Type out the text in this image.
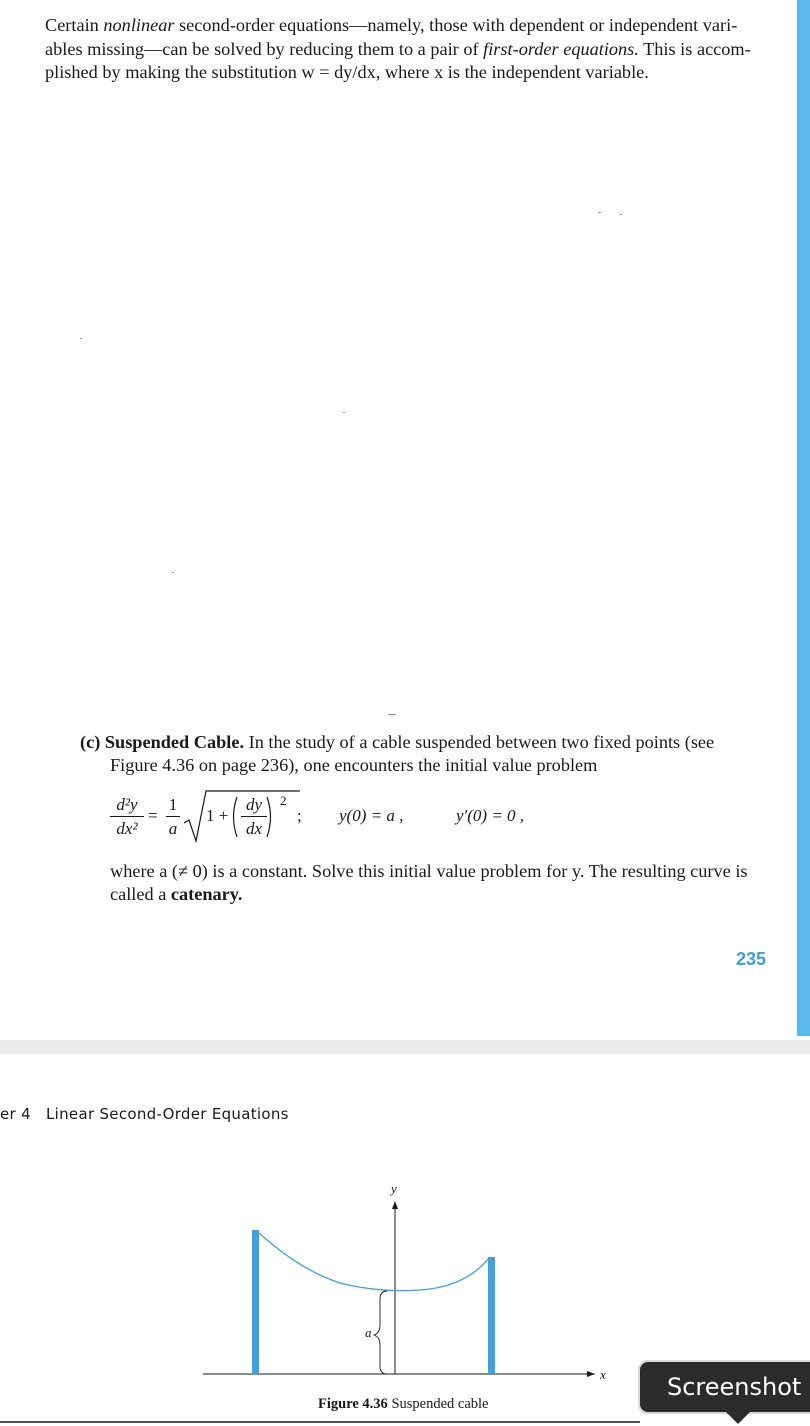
Certain nonlinear second-order equations—namely, those with dependent or independent vari-
ables missing—can be solved by reducing them to a pair of first-order equations. This is accom-
plished by making the substitution w = dy/dx, where x is the independent variable.
(c) Suspended Cable. In the study of a cable suspended between two fixed points (see
Figure 4.36 on page 236), one encounters the initial value problem
d²y
dx²
=
1
a
1 +
dy
dx
2
; y(0) = a ,	y′(0) = 0 ,
where a (≠ 0) is a constant. Solve this initial value problem for y. The resulting curve is
called a catenary.
235
er 4 Linear Second-Order Equations
y
x
a
Figure 4.36 Suspended cable
Screenshot
